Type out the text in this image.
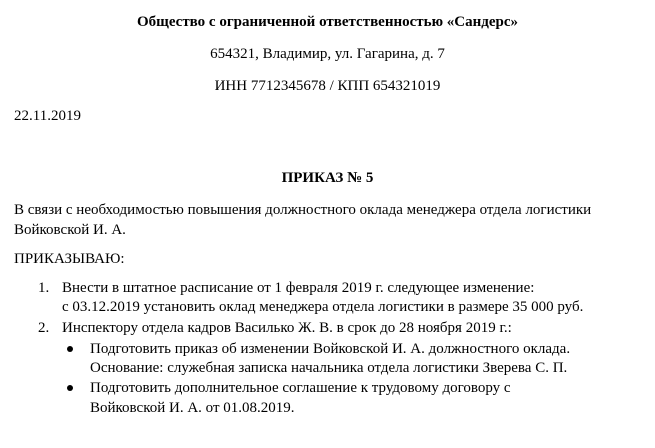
Общество с ограниченной ответственностью «Сандерс»
654321, Владимир, ул. Гагарина, д. 7
ИНН 7712345678 / КПП 654321019
22.11.2019
ПРИКАЗ № 5
В связи с необходимостью повышения должностного оклада менеджера отдела логистики
Войковской И. А.
ПРИКАЗЫВАЮ:
1. Внести в штатное расписание от 1 февраля 2019 г. следующее изменение:
с 03.12.2019 установить оклад менеджера отдела логистики в размере 35 000 руб.
2. Инспектору отдела кадров Василько Ж. В. в срок до 28 ноября 2019 г.:
Подготовить приказ об изменении Войковской И. А. должностного оклада.
Основание: служебная записка начальника отдела логистики Зверева С. П.
Подготовить дополнительное соглашение к трудовому договору с
Войковской И. А. от 01.08.2019.
